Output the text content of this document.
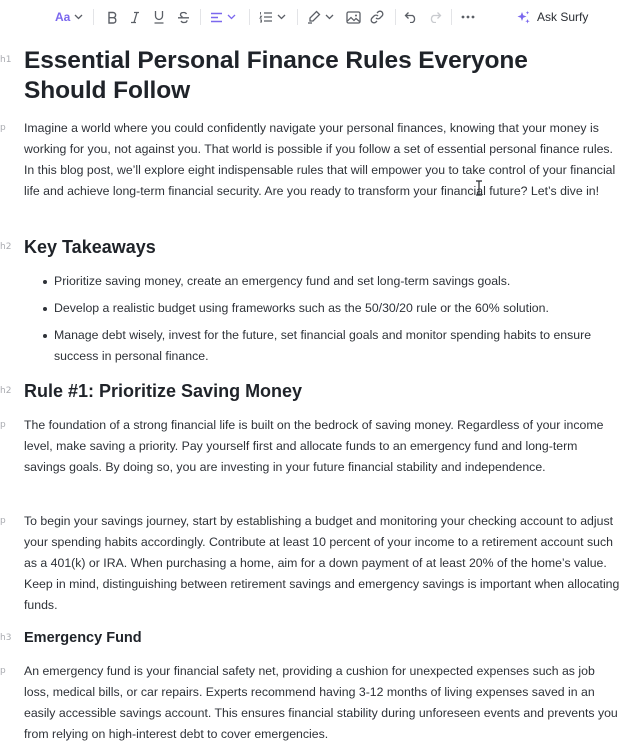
Aa	Ask Surfy
h1 Essential Personal Finance Rules Everyone Should Follow
p Imagine a world where you could confidently navigate your personal finances, knowing that your money is working for you, not against you. That world is possible if you follow a set of essential personal finance rules. In this blog post, we’ll explore eight indispensable rules that will empower you to take control of your financial life and achieve long-term financial security. Are you ready to transform your financial future? Let’s dive in!

h2 Key Takeaways
Prioritize saving money, create an emergency fund and set long-term savings goals.
Develop a realistic budget using frameworks such as the 50/30/20 rule or the 60% solution.
Manage debt wisely, invest for the future, set financial goals and monitor spending habits to ensure success in personal finance.
h2 Rule #1: Prioritize Saving Money
p The foundation of a strong financial life is built on the bedrock of saving money. Regardless of your income level, make saving a priority. Pay yourself first and allocate funds to an emergency fund and long-term savings goals. By doing so, you are investing in your future financial stability and independence.

p To begin your savings journey, start by establishing a budget and monitoring your checking account to adjust your spending habits accordingly. Contribute at least 10 percent of your income to a retirement account such as a 401(k) or IRA. When purchasing a home, aim for a down payment of at least 20% of the home’s value. Keep in mind, distinguishing between retirement savings and emergency savings is important when allocating funds.

h3 Emergency Fund
p An emergency fund is your financial safety net, providing a cushion for unexpected expenses such as job loss, medical bills, or car repairs. Experts recommend having 3-12 months of living expenses saved in an easily accessible savings account. This ensures financial stability during unforeseen events and prevents you from relying on high-interest debt to cover emergencies.
